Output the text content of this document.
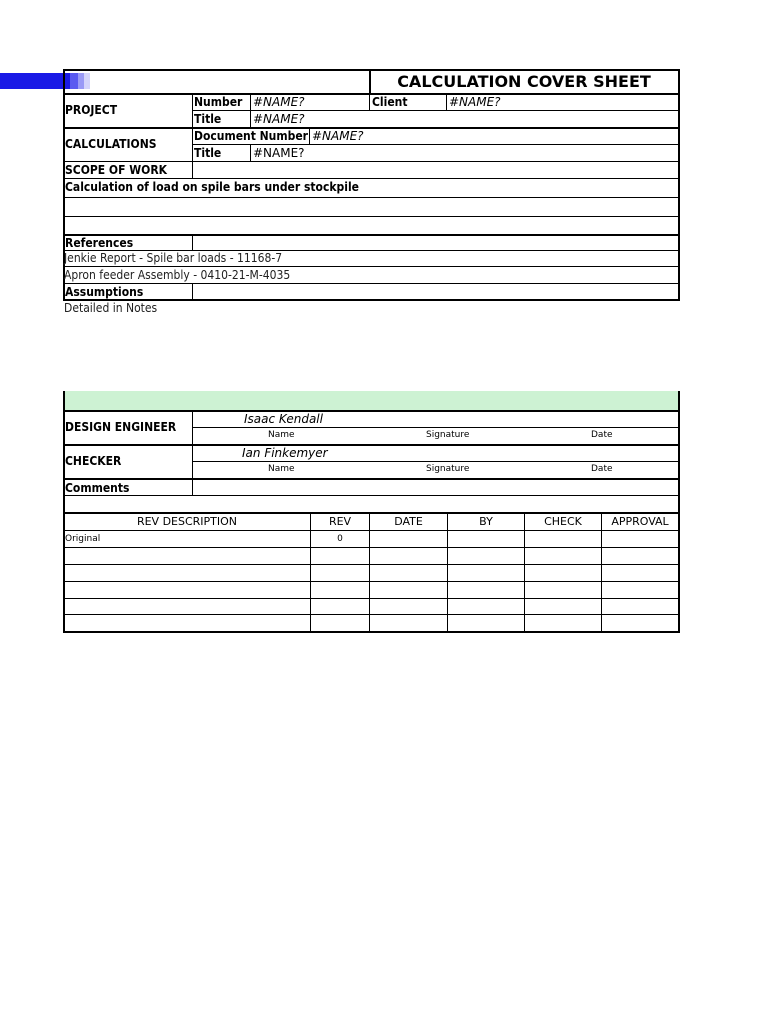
CALCULATION COVER SHEET
PROJECT
Number #NAME?	Client	#NAME?
Title	#NAME?
CALCULATIONS
Document Number #NAME?
Title	#NAME?
SCOPE OF WORK
Calculation of load on spile bars under stockpile
References
Jenkie Report - Spile bar loads - 11168-7
Apron feeder Assembly - 0410-21-M-4035
Assumptions
Detailed in Notes
DESIGN ENGINEER
Isaac Kendall
Name	Signature	Date
CHECKER
Ian Finkemyer
Name	Signature	Date
Comments
REV DESCRIPTION	REV	DATE	BY	CHECK	APPROVAL
Original	0
